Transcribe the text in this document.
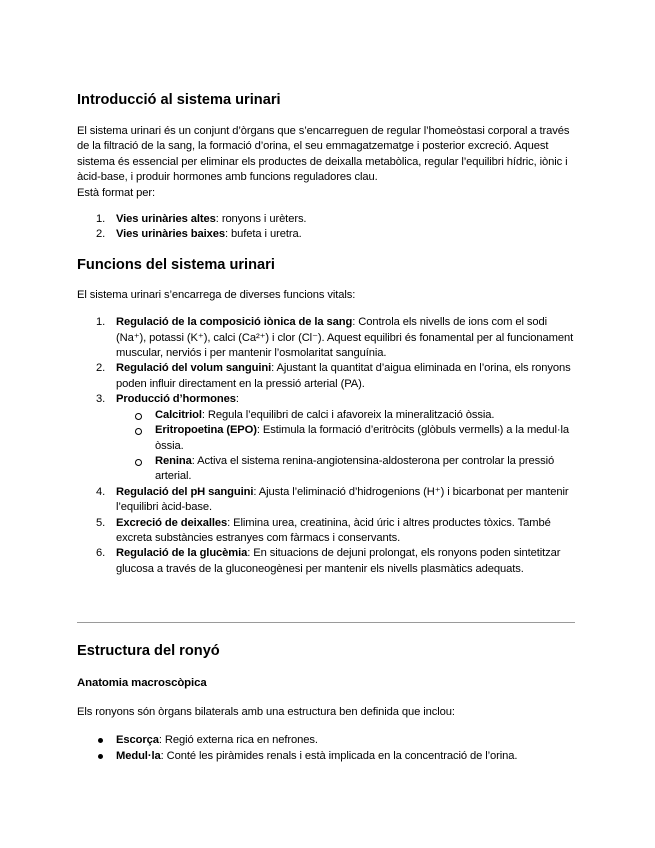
Introducció al sistema urinari

El sistema urinari és un conjunt d’òrgans que s’encarreguen de regular l’homeòstasi corporal a través de la filtració de la sang, la formació d’orina, el seu emmagatzematge i posterior excreció. Aquest sistema és essencial per eliminar els productes de deixalla metabòlica, regular l’equilibri hídric, iònic i àcid-base, i produir hormones amb funcions reguladores clau.

Està format per:

1. Vies urinàries altes: ronyons i urèters.
2. Vies urinàries baixes: bufeta i uretra.
Funcions del sistema urinari

El sistema urinari s’encarrega de diverses funcions vitals:

1. Regulació de la composició iònica de la sang: Controla els nivells de ions com el sodi (Na⁺), potassi (K⁺), calci (Ca²⁺) i clor (Cl⁻). Aquest equilibri és fonamental per al funcionament muscular, nerviós i per mantenir l’osmolaritat sanguínia.
2. Regulació del volum sanguini: Ajustant la quantitat d’aigua eliminada en l’orina, els ronyons poden influir directament en la pressió arterial (PA).
3. Producció d’hormones:
Calcitriol: Regula l’equilibri de calci i afavoreix la mineralització òssia.
Eritropoetina (EPO): Estimula la formació d’eritròcits (glòbuls vermells) a la medul·la òssia.
Renina: Activa el sistema renina-angiotensina-aldosterona per controlar la pressió arterial.
4. Regulació del pH sanguini: Ajusta l’eliminació d’hidrogenions (H⁺) i bicarbonat per mantenir l’equilibri àcid-base.
5. Excreció de deixalles: Elimina urea, creatinina, àcid úric i altres productes tòxics. També excreta substàncies estranyes com fàrmacs i conservants.
6. Regulació de la glucèmia: En situacions de dejuni prolongat, els ronyons poden sintetitzar glucosa a través de la gluconeogènesi per mantenir els nivells plasmàtics adequats.
Estructura del ronyó
Anatomia macroscòpica

Els ronyons són òrgans bilaterals amb una estructura ben definida que inclou:

Escorça: Regió externa rica en nefrones.
Medul·la: Conté les piràmides renals i està implicada en la concentració de l’orina.
